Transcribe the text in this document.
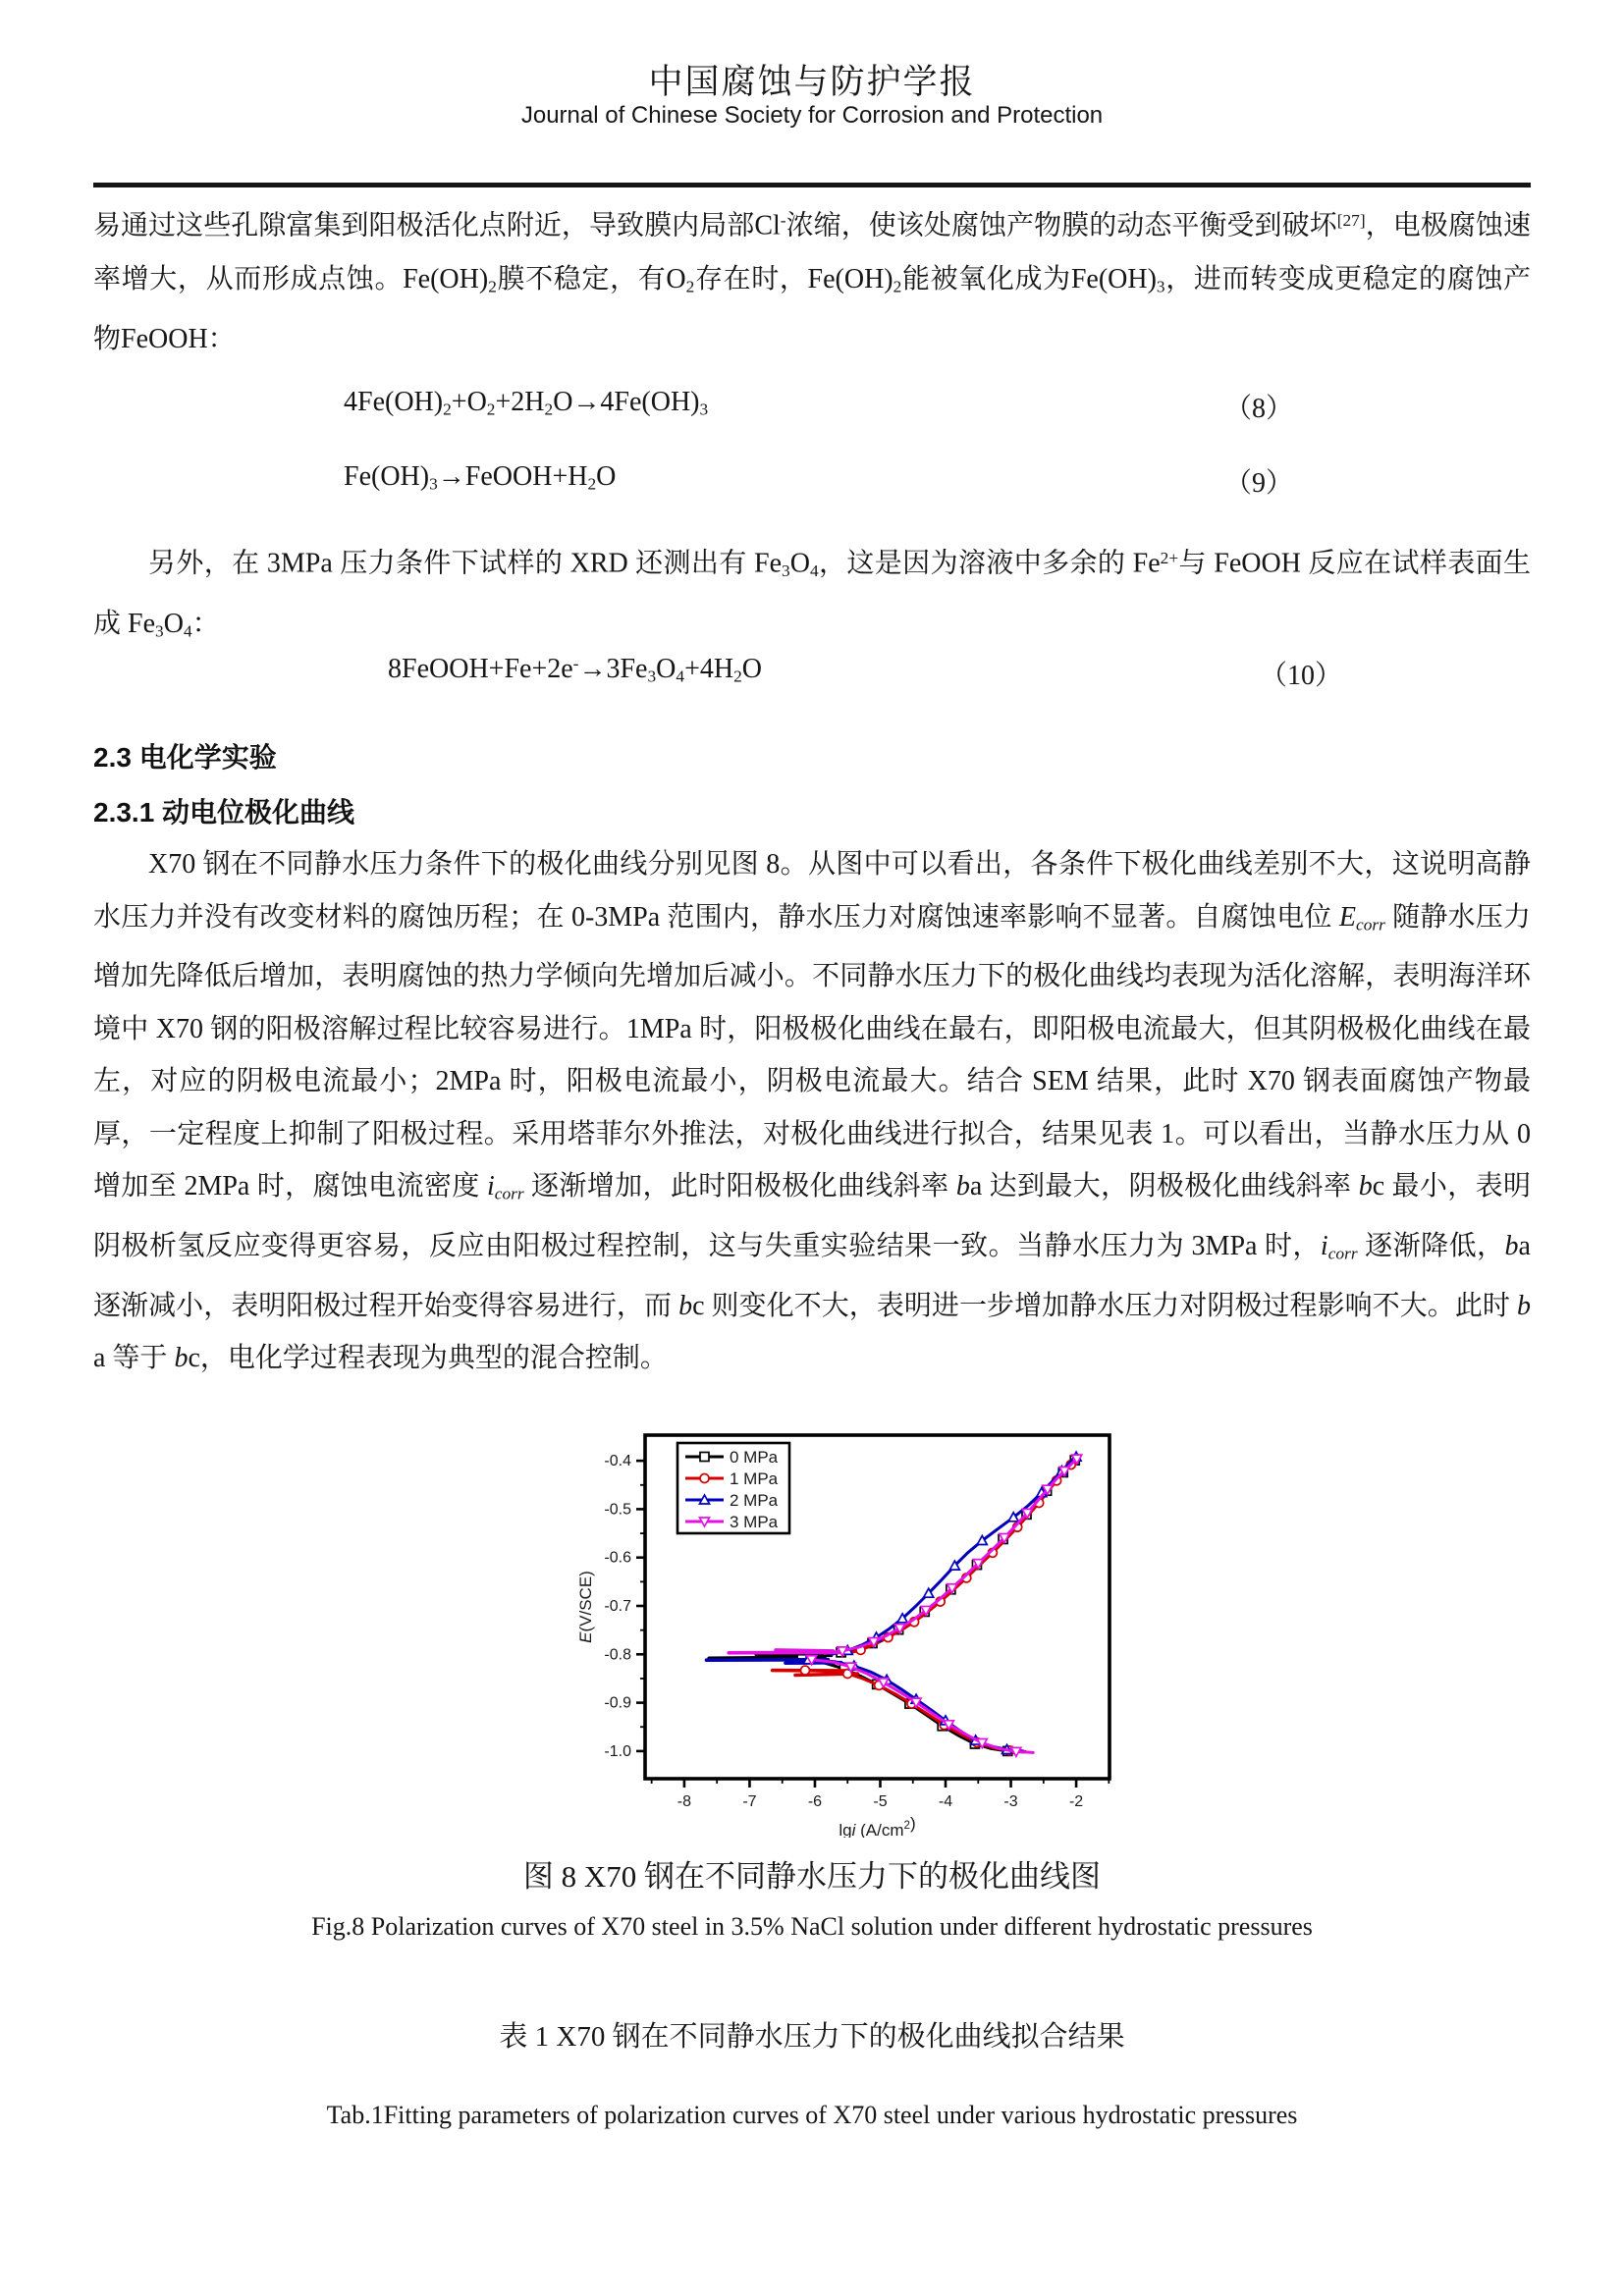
中国腐蚀与防护学报
Journal of Chinese Society for Corrosion and Protection
易通过这些孔隙富集到阳极活化点附近，导致膜内局部Cl-浓缩，使该处腐蚀产物膜的动态平衡受到破坏[27]，电极腐蚀速率增大，从而形成点蚀。$Fe(OH)_2$膜不稳定，有$O_2$存在时，$Fe(OH)_2$能被氧化成为$Fe(OH)_3$，进而转变成更稳定的腐蚀产物FeOOH：
$4Fe(OH)_2+O_2+2H_2O\to 4Fe(OH)_3$	（8）
$Fe(OH)_3\to FeOOH+H_2O$	（9）
另外，在 3MPa 压力条件下试样的 XRD 还测出有 $Fe_3O_4$，这是因为溶液中多余的 $Fe^{2+}$与 FeOOH 反应在试样表面生成 $Fe_3O_4$：
$8FeOOH+Fe+2e^-\to 3Fe_3O_4+4H_2O$	（10）
2.3 电化学实验
2.3.1 动电位极化曲线
X70 钢在不同静水压力条件下的极化曲线分别见图 8。从图中可以看出，各条件下极化曲线差别不大，这说明高静水压力并没有改变材料的腐蚀历程；在 0-3MPa 范围内，静水压力对腐蚀速率影响不显著。自腐蚀电位 Ecorr 随静水压力增加先降低后增加，表明腐蚀的热力学倾向先增加后减小。不同静水压力下的极化曲线均表现为活化溶解，表明海洋环境中 X70 钢的阳极溶解过程比较容易进行。1MPa 时，阳极极化曲线在最右，即阳极电流最大，但其阴极极化曲线在最左，对应的阴极电流最小；2MPa 时，阳极电流最小，阴极电流最大。结合 SEM 结果，此时 X70 钢表面腐蚀产物最厚，一定程度上抑制了阳极过程。采用塔菲尔外推法，对极化曲线进行拟合，结果见表 1。可以看出，当静水压力从 0 增加至 2MPa 时，腐蚀电流密度 icorr 逐渐增加，此时阳极极化曲线斜率 ba 达到最大，阴极极化曲线斜率 bc 最小，表明阴极析氢反应变得更容易，反应由阳极过程控制，这与失重实验结果一致。当静水压力为 3MPa 时，icorr 逐渐降低，ba 逐渐减小，表明阳极过程开始变得容易进行，而 bc 则变化不大，表明进一步增加静水压力对阴极过程影响不大。此时 ba 等于 bc，电化学过程表现为典型的混合控制。
-8	-7	-6	-5	-4	-3	-2
-0.4
-0.5
-0.6
-0.7
-0.8
-0.9
-1.0
lgi $(A/cm^2)$
E(V/SCE)
0 MPa
1 MPa
2 MPa
3 MPa
图 8 X70 钢在不同静水压力下的极化曲线图
Fig.8 Polarization curves of X70 steel in 3.5% NaCl solution under different hydrostatic pressures
表 1 X70 钢在不同静水压力下的极化曲线拟合结果
Tab.1Fitting parameters of polarization curves of X70 steel under various hydrostatic pressures
